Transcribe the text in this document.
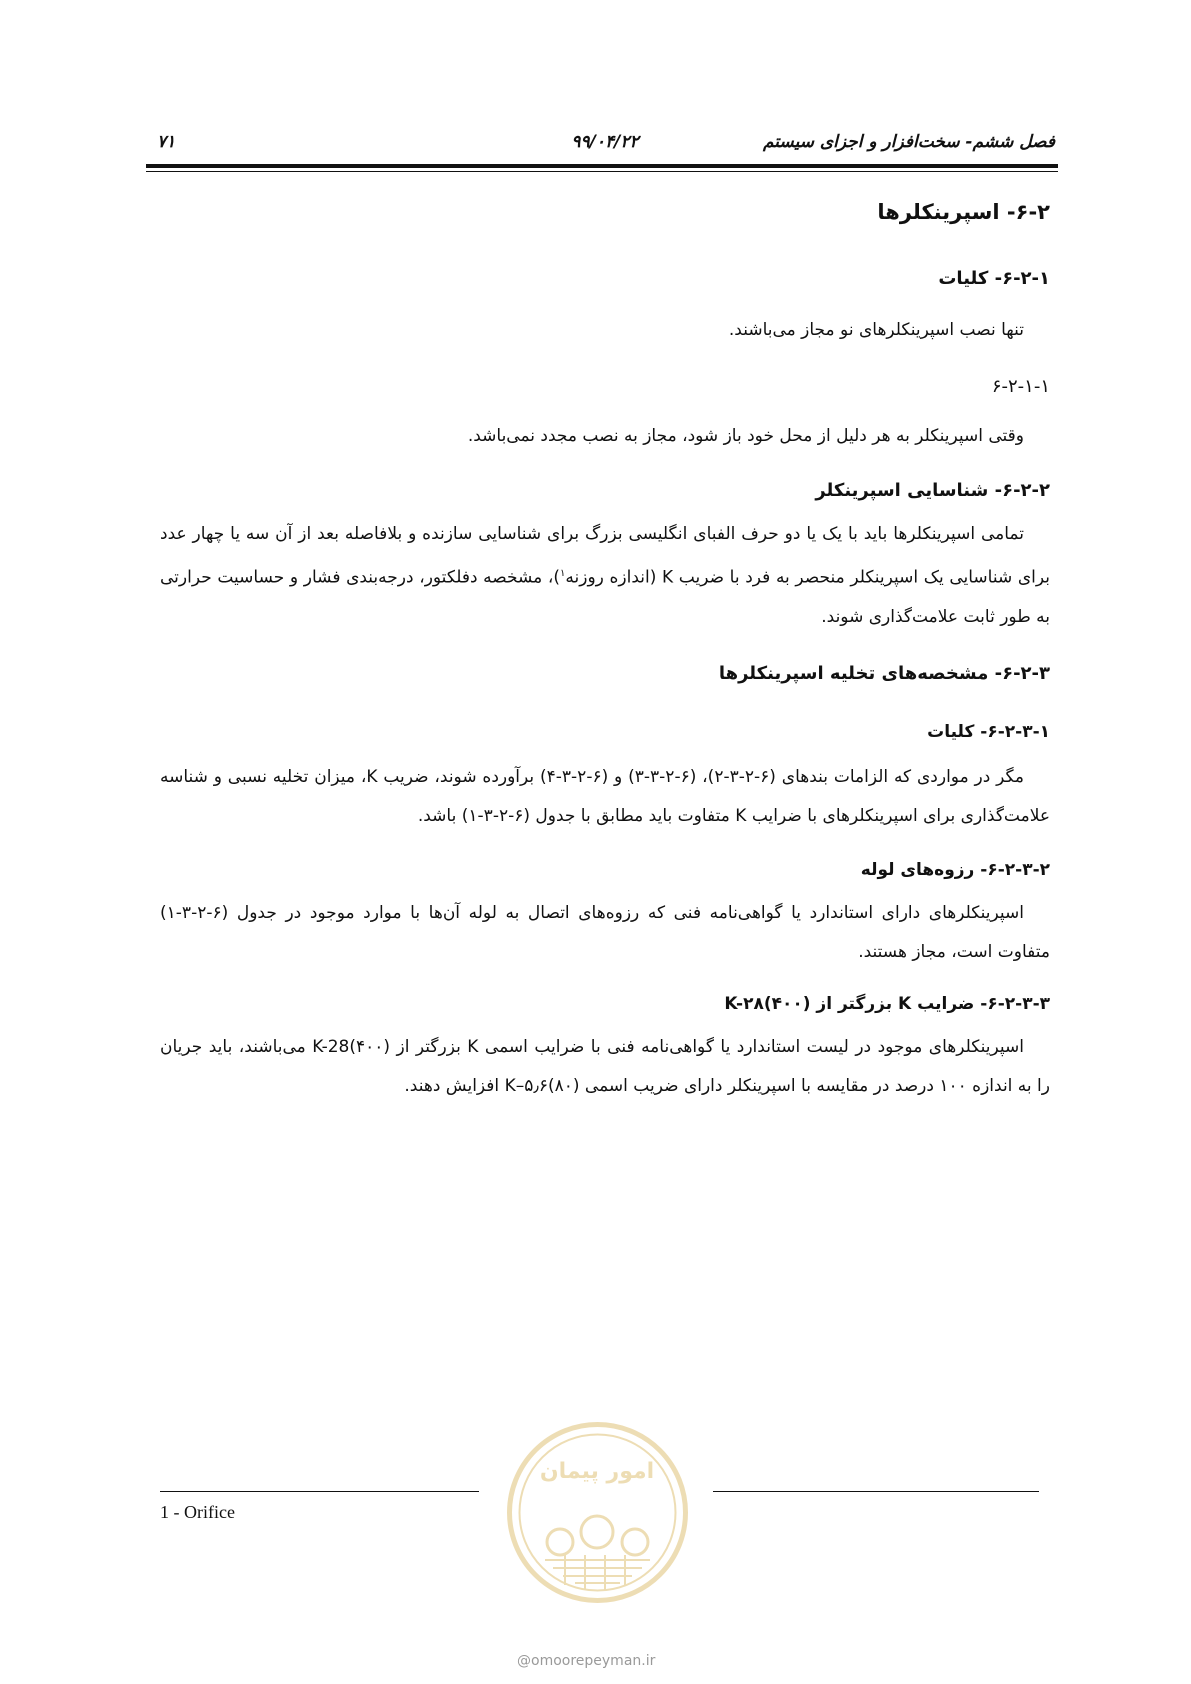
۷۱	۹۹/۰۴/۲۲	فصل ششم- سخت‌افزار و اجزای سیستم
۶-۲- اسپرینکلرها
۶-۲-۱- کلیات

تنها نصب اسپرینکلرهای نو مجاز می‌باشند.

۶-۲-۱-۱

وقتی اسپرینکلر به هر دلیل از محل خود باز شود، مجاز به نصب مجدد نمی‌باشد.

۶-۲-۲- شناسایی اسپرینکلر

تمامی اسپرینکلرها باید با یک یا دو حرف الفبای انگلیسی بزرگ برای شناسایی سازنده و بلافاصله بعد از آن سه یا چهار عدد برای شناسایی یک اسپرینکلر منحصر به فرد با ضریب K (اندازه روزنه$^۱$)، مشخصه دفلکتور، درجه‌بندی فشار و حساسیت حرارتی به طور ثابت علامت‌گذاری شوند.

۶-۲-۳- مشخصه‌های تخلیه اسپرینکلرها
۶-۲-۳-۱- کلیات

مگر در مواردی که الزامات بندهای (۶-۲-۳-۲)، (۶-۲-۳-۳) و (۶-۲-۳-۴) برآورده شوند، ضریب K، میزان تخلیه نسبی و شناسه علامت‌گذاری برای اسپرینکلرهای با ضرایب K متفاوت باید مطابق با جدول (۶-۲-۳-۱) باشد.

۶-۲-۳-۲- رزوه‌های لوله

اسپرینکلرهای دارای استاندارد یا گواهی‌نامه فنی که رزوه‌های اتصال به لوله آن‌ها با موارد موجود در جدول (۶-۲-۳-۱) متفاوت است، مجاز هستند.

۶-۲-۳-۳- ضرایب K بزرگتر از K-۲۸(۴۰۰)

اسپرینکلرهای موجود در لیست استاندارد یا گواهی‌نامه فنی با ضرایب اسمی K بزرگتر از K-28(۴۰۰) می‌باشند، باید جریان را به اندازه ۱۰۰ درصد در مقایسه با اسپرینکلر دارای ضریب اسمی K–۵٫۶(۸۰) افزایش دهند.

1 - Orifice
امور پیمان
@omoorepeyman.ir
